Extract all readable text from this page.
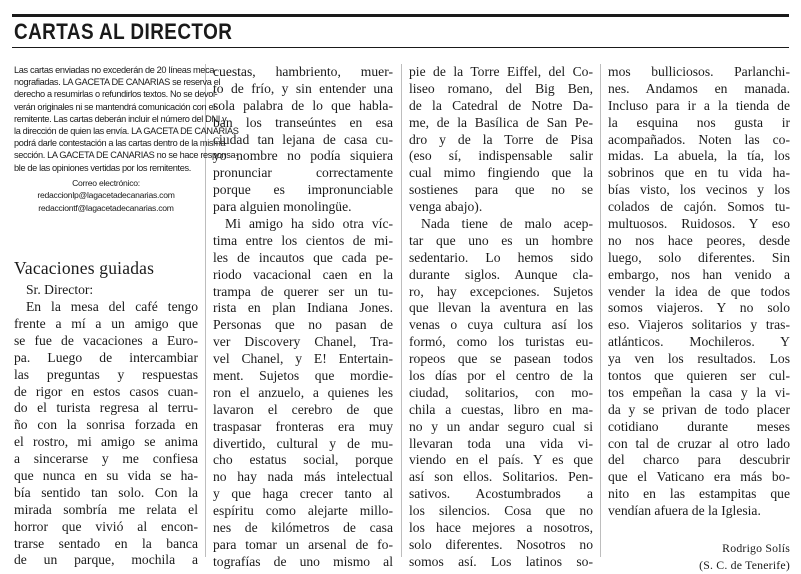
CARTAS AL DIRECTOR
Las cartas enviadas no excederán de 20 líneas meca-
nografiadas. LA GACETA DE CANARIAS se reserva el
derecho a resumirlas o refundirlos textos. No se devol-
verán originales ni se mantendrá comunicación con el
remitente. Las cartas deberán incluir el número del DNI y
la dirección de quien las envía. LA GACETA DE CANARIAS
podrá darle contestación a las cartas dentro de la misma
sección. LA GACETA DE CANARIAS no se hace responsa-
ble de las opiniones vertidas por los remitentes.
Correo electrónico:
redaccionlp@lagacetadecanarias.com
redacciontf@lagacetadecanarias.com
Vacaciones guiadas
Sr. Director:
En la mesa del café tengo
frente a mí a un amigo que
se fue de vacaciones a Euro-
pa. Luego de intercambiar
las preguntas y respuestas
de rigor en estos casos cuan-
do el turista regresa al terru-
ño con la sonrisa forzada en
el rostro, mi amigo se anima
a sincerarse y me confiesa
que nunca en su vida se ha-
bía sentido tan solo. Con la
mirada sombría me relata el
horror que vivió al encon-
trarse sentado en la banca
de un parque, mochila a
cuestas, hambriento, muer-
to de frío, y sin entender una
sola palabra de lo que habla-
ban los transeúntes en esa
ciudad tan lejana de casa cu-
yo nombre no podía siquiera
pronunciar correctamente
porque es impronunciable
para alguien monolingüe.
Mi amigo ha sido otra víc-
tima entre los cientos de mi-
les de incautos que cada pe-
riodo vacacional caen en la
trampa de querer ser un tu-
rista en plan Indiana Jones.
Personas que no pasan de
ver Discovery Chanel, Tra-
vel Chanel, y E! Entertain-
ment. Sujetos que mordie-
ron el anzuelo, a quienes les
lavaron el cerebro de que
traspasar fronteras era muy
divertido, cultural y de mu-
cho estatus social, porque
no hay nada más intelectual
y que haga crecer tanto al
espíritu como alejarte millo-
nes de kilómetros de casa
para tomar un arsenal de fo-
tografías de uno mismo al
pie de la Torre Eiffel, del Co-
liseo romano, del Big Ben,
de la Catedral de Notre Da-
me, de la Basílica de San Pe-
dro y de la Torre de Pisa
(eso sí, indispensable salir
cual mimo fingiendo que la
sostienes para que no se
venga abajo).
Nada tiene de malo acep-
tar que uno es un hombre
sedentario. Lo hemos sido
durante siglos. Aunque cla-
ro, hay excepciones. Sujetos
que llevan la aventura en las
venas o cuya cultura así los
formó, como los turistas eu-
ropeos que se pasean todos
los días por el centro de la
ciudad, solitarios, con mo-
chila a cuestas, libro en ma-
no y un andar seguro cual si
llevaran toda una vida vi-
viendo en el país. Y es que
así son ellos. Solitarios. Pen-
sativos. Acostumbrados a
los silencios. Cosa que no
los hace mejores a nosotros,
solo diferentes. Nosotros no
somos así. Los latinos so-
mos bulliciosos. Parlanchi-
nes. Andamos en manada.
Incluso para ir a la tienda de
la esquina nos gusta ir
acompañados. Noten las co-
midas. La abuela, la tía, los
sobrinos que en tu vida ha-
bías visto, los vecinos y los
colados de cajón. Somos tu-
multuosos. Ruidosos. Y eso
no nos hace peores, desde
luego, solo diferentes. Sin
embargo, nos han venido a
vender la idea de que todos
somos viajeros. Y no solo
eso. Viajeros solitarios y tras-
atlánticos. Mochileros. Y
ya ven los resultados. Los
tontos que quieren ser cul-
tos empeñan la casa y la vi-
da y se privan de todo placer
cotidiano durante meses
con tal de cruzar al otro lado
del charco para descubrir
que el Vaticano era más bo-
nito en las estampitas que
vendían afuera de la Iglesia.
Rodrigo Solís
(S. C. de Tenerife)
